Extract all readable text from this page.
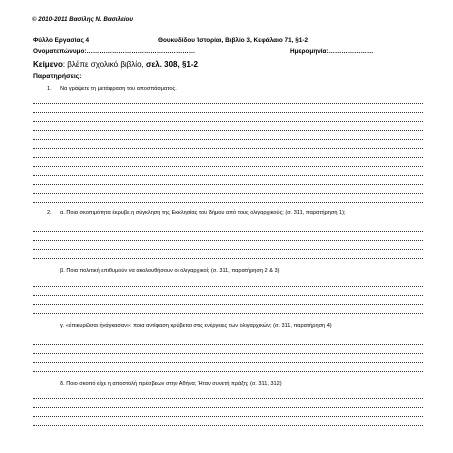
© 2010-2011 Βασίλης Ν. Βασιλείου
Φύλλο Εργασίας 4	Θουκυδίδου Ἱστορίαι, Βιβλίο 3, Κεφάλαιο 71, §1-2
Ονοματεπώνυμο:……………………………………………	Ημερομηνία:…………………
Κείμενο: βλέπε σχολικό βιβλίο, σελ. 308, §1-2
Παρατηρήσεις:
1. Να γράψετε τη μετάφραση του αποσπάσματος.
2. α. Ποια σκοπιμότητα έκρυβε η σύγκληση της Εκκλησίας του δήμου από τους ολιγαρχικούς; (σ. 311, παρατήρηση 1);
β. Ποια πολιτική επιθυμούν να ακολουθήσουν οι ολιγαρχικοί; (σ. 311, παρατήρηση 2 & 3)
γ. «ἐπικυρῶσαι ἠνάγκασαν»: ποια αντίφαση κρύβεται στις ενέργειες των ολιγαρχικών; (σ. 311, παρατήρηση 4)
δ. Ποιο σκοπό είχε η αποστολή πρέσβεων στην Αθήνα; Ήταν συνετή πράξη; (σ. 311, 312)
